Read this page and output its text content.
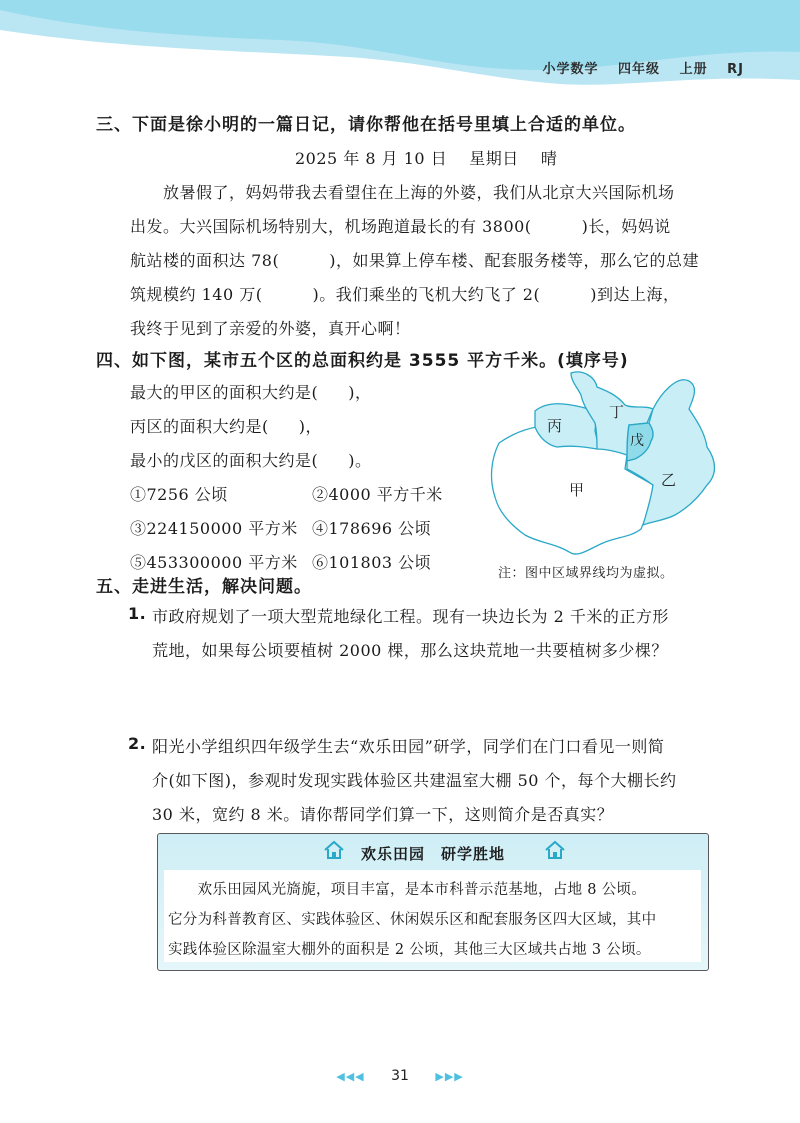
小学数学 四年级 上册 RJ
三、下面是徐小明的一篇日记，请你帮他在括号里填上合适的单位。
2025 年 8 月 10 日　 星期日　 晴
　　放暑假了，妈妈带我去看望住在上海的外婆，我们从北京大兴国际机场
出发。大兴国际机场特别大，机场跑道最长的有 3800(	)长，妈妈说
航站楼的面积达 78(	)，如果算上停车楼、配套服务楼等，那么它的总建
筑规模约 140 万(	)。我们乘坐的飞机大约飞了 2(	)到达上海，
我终于见到了亲爱的外婆，真开心啊！
四、如下图，某市五个区的总面积约是 3555 平方千米。(填序号)
最大的甲区的面积大约是( )，
丙区的面积大约是( )，
最小的戊区的面积大约是( )。
①7256 公顷	②4000 平方千米
③224150000 平方米 ④178696 公顷
⑤453300000 平方米 ⑥101803 公顷
丙
丁
戊
甲
乙
注：图中区域界线均为虚拟。
五、走进生活，解决问题。
1. 市政府规划了一项大型荒地绿化工程。现有一块边长为 2 千米的正方形
荒地，如果每公顷要植树 2000 棵，那么这块荒地一共要植树多少棵？
2. 阳光小学组织四年级学生去“欢乐田园”研学，同学们在门口看见一则简
介(如下图)，参观时发现实践体验区共建温室大棚 50 个，每个大棚长约
30 米，宽约 8 米。请你帮同学们算一下，这则简介是否真实？
欢乐田园　研学胜地
　　欢乐田园风光旖旎，项目丰富，是本市科普示范基地，占地 8 公顷。
它分为科普教育区、实践体验区、休闲娱乐区和配套服务区四大区域，其中
实践体验区除温室大棚外的面积是 2 公顷，其他三大区域共占地 3 公顷。
◀◀◀ 31 ▶▶▶
